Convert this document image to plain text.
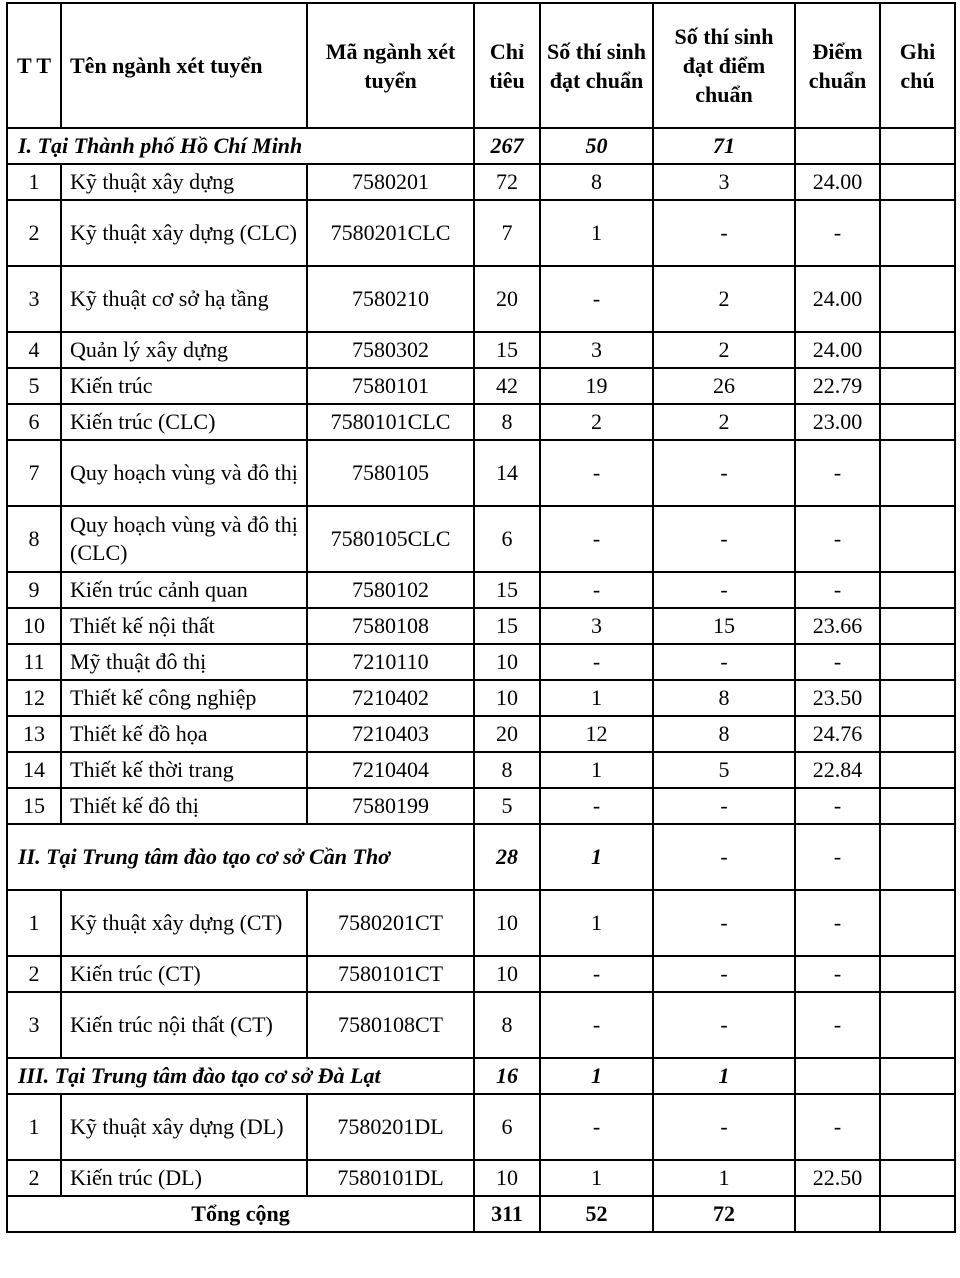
T T	Tên ngành xét tuyển	Mã ngành xét tuyển	Chỉ tiêu	Số thí sinh đạt chuẩn	Số thí sinh đạt điểm chuẩn	Điểm chuẩn	Ghi chú
I. Tại Thành phố Hồ Chí Minh			267	50	71		
1	Kỹ thuật xây dựng	7580201	72	8	3	24.00	
2	Kỹ thuật xây dựng (CLC)	7580201CLC	7	1	-	-	
3	Kỹ thuật cơ sở hạ tầng	7580210	20	-	2	24.00	
4	Quản lý xây dựng	7580302	15	3	2	24.00	
5	Kiến trúc	7580101	42	19	26	22.79	
6	Kiến trúc (CLC)	7580101CLC	8	2	2	23.00	
7	Quy hoạch vùng và đô thị	7580105	14	-	-	-	
8	Quy hoạch vùng và đô thị (CLC)	7580105CLC	6	-	-	-	
9	Kiến trúc cảnh quan	7580102	15	-	-	-	
10	Thiết kế nội thất	7580108	15	3	15	23.66	
11	Mỹ thuật đô thị	7210110	10	-	-	-	
12	Thiết kế công nghiệp	7210402	10	1	8	23.50	
13	Thiết kế đồ họa	7210403	20	12	8	24.76	
14	Thiết kế thời trang	7210404	8	1	5	22.84	
15	Thiết kế đô thị	7580199	5	-	-	-	
II. Tại Trung tâm đào tạo cơ sở Cần Thơ			28	1	-	-	
1	Kỹ thuật xây dựng (CT)	7580201CT	10	1	-	-	
2	Kiến trúc (CT)	7580101CT	10	-	-	-	
3	Kiến trúc nội thất (CT)	7580108CT	8	-	-	-	
III. Tại Trung tâm đào tạo cơ sở Đà Lạt			16	1	1		
1	Kỹ thuật xây dựng (DL)	7580201DL	6	-	-	-	
2	Kiến trúc (DL)	7580101DL	10	1	1	22.50	
Tổng cộng			311	52	72		
